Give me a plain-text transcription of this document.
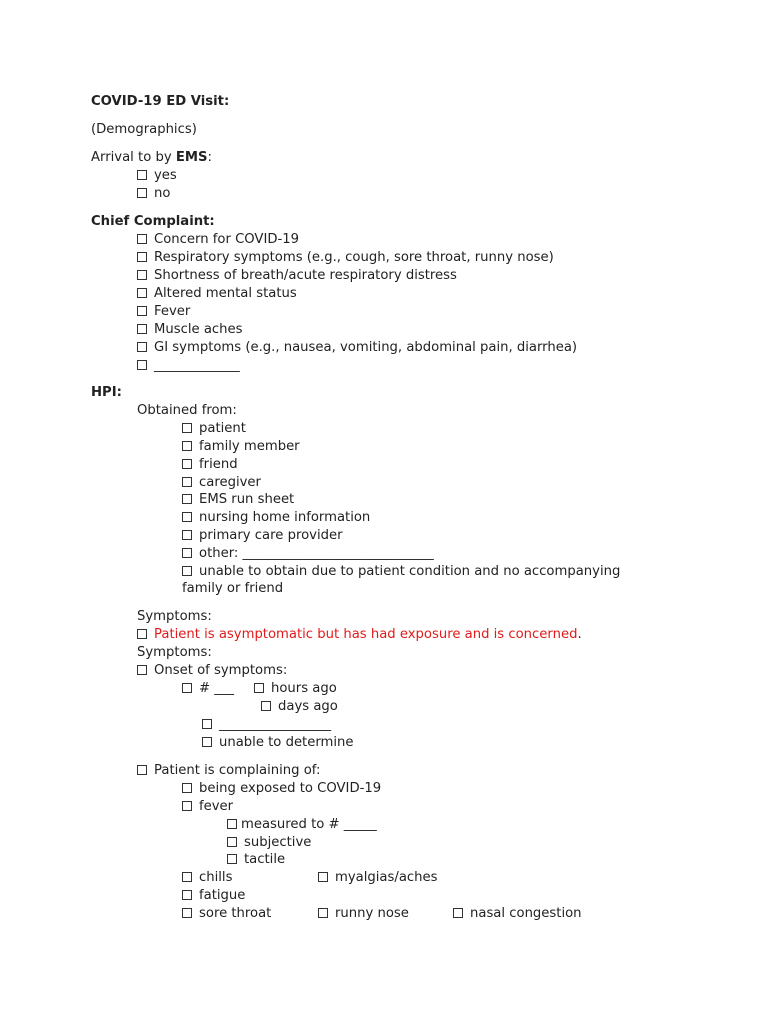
COVID-19 ED Visit:
(Demographics)
Arrival to by EMS:
yes
no
Chief Complaint:
Concern for COVID-19
Respiratory symptoms (e.g., cough, sore throat, runny nose)
Shortness of breath/acute respiratory distress
Altered mental status
Fever
Muscle aches
GI symptoms (e.g., nausea, vomiting, abdominal pain, diarrhea)
_____________
HPI:
Obtained from:
patient
family member
friend
caregiver
EMS run sheet
nursing home information
primary care provider
other: _____________________________
unable to obtain due to patient condition and no accompanying
family or friend
Symptoms:
Patient is asymptomatic but has had exposure and is concerned.
Symptoms:
Onset of symptoms:
# ___	hours ago
days ago
_________________
unable to determine
Patient is complaining of:
being exposed to COVID-19
fever
measured to # _____
subjective
tactile
chills	myalgias/aches
fatigue
sore throat	runny nose	nasal congestion
